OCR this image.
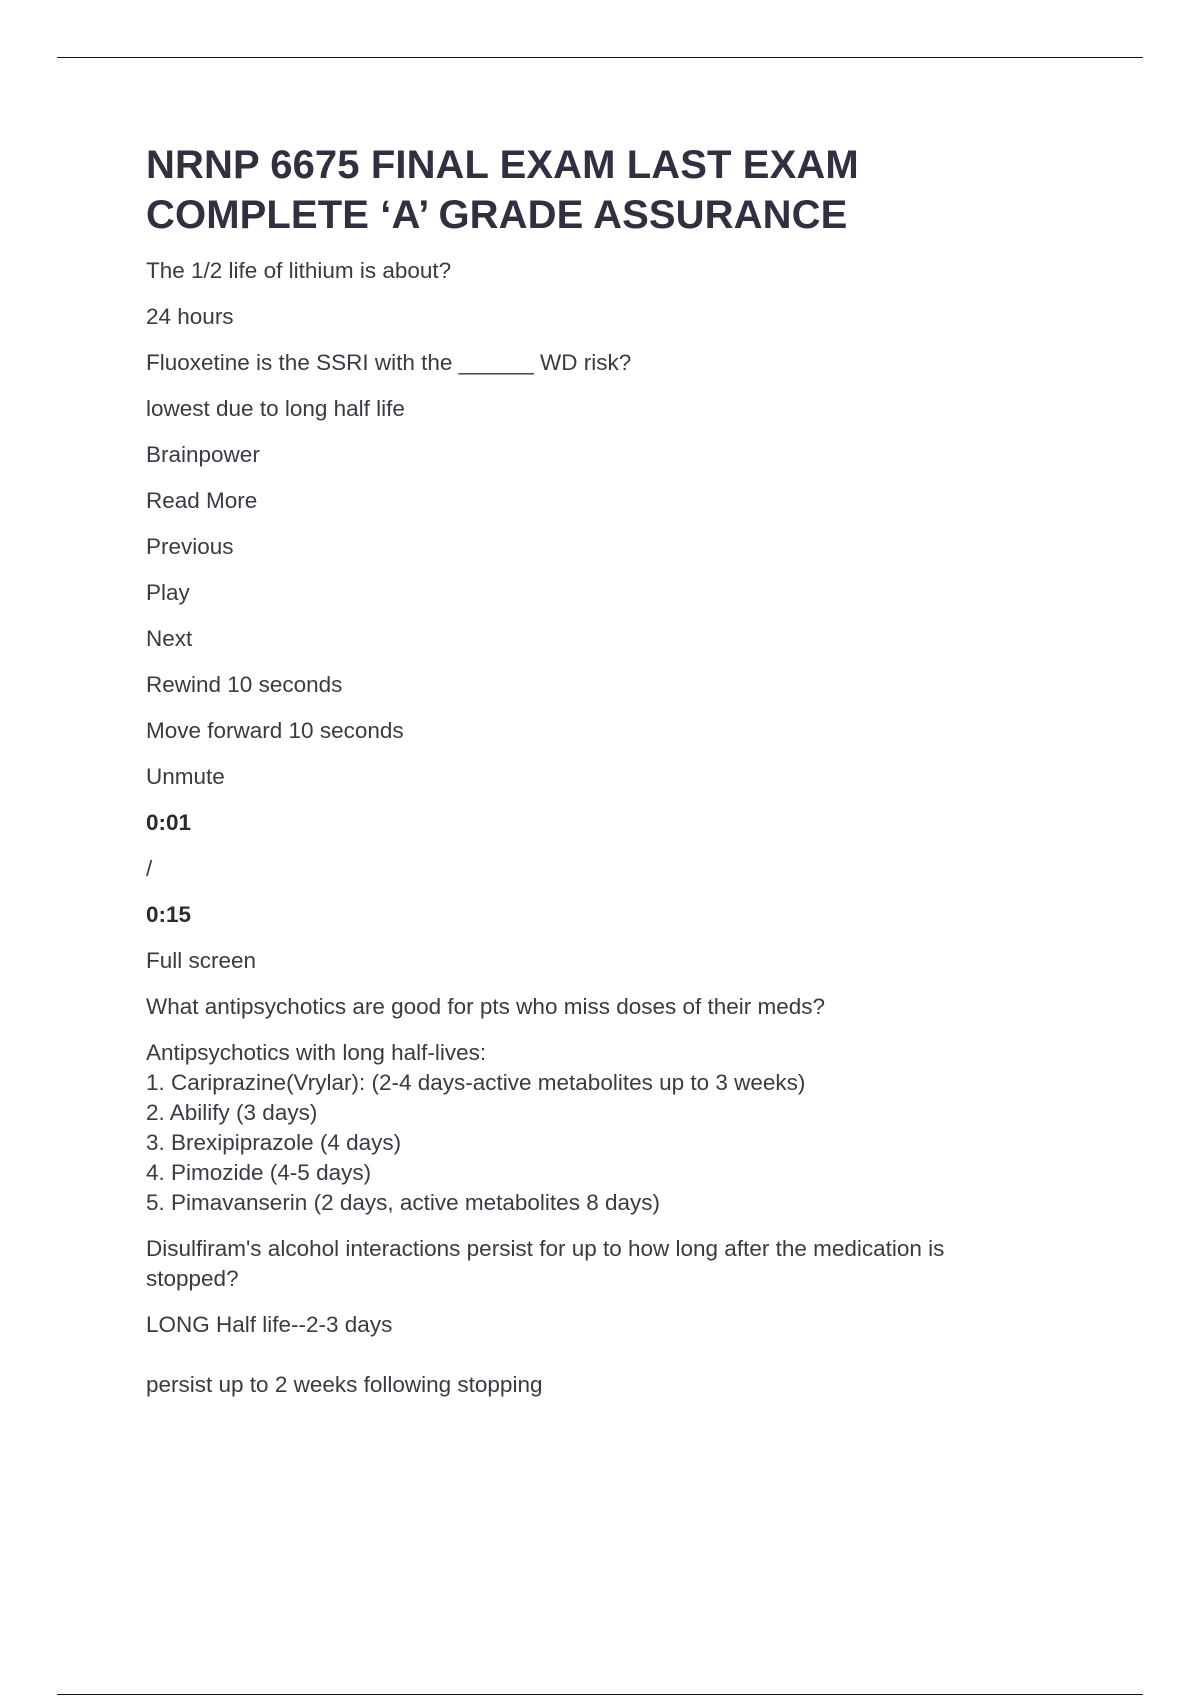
NRNP 6675 FINAL EXAM LAST EXAM
COMPLETE ‘A’ GRADE ASSURANCE
The 1/2 life of lithium is about?
24 hours
Fluoxetine is the SSRI with the ______ WD risk?
lowest due to long half life
Brainpower
Read More
Previous
Play
Next
Rewind 10 seconds
Move forward 10 seconds
Unmute
0:01
/
0:15
Full screen
What antipsychotics are good for pts who miss doses of their meds?
Antipsychotics with long half-lives:
1. Cariprazine(Vrylar): (2-4 days-active metabolites up to 3 weeks)
2. Abilify (3 days)
3. Brexipiprazole (4 days)
4. Pimozide (4-5 days)
5. Pimavanserin (2 days, active metabolites 8 days)
Disulfiram's alcohol interactions persist for up to how long after the medication is
stopped?
LONG Half life--2-3 days
persist up to 2 weeks following stopping
